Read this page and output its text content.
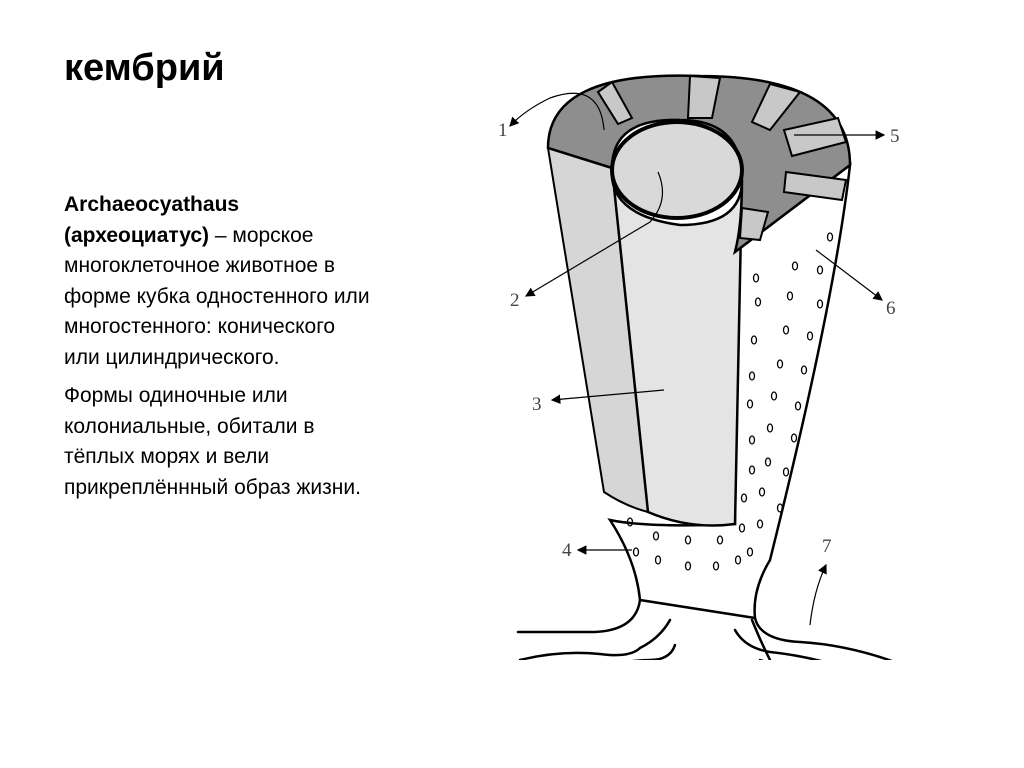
кембрий

Archaeocyathaus (археоциатус) – морское многоклеточное животное в форме кубка одностенного или многостенного: конического или цилиндрического.

Формы одиночные или колониальные, обитали в тёплых морях и вели прикреплённный образ жизни.

1
2
3
4
5
6
7
